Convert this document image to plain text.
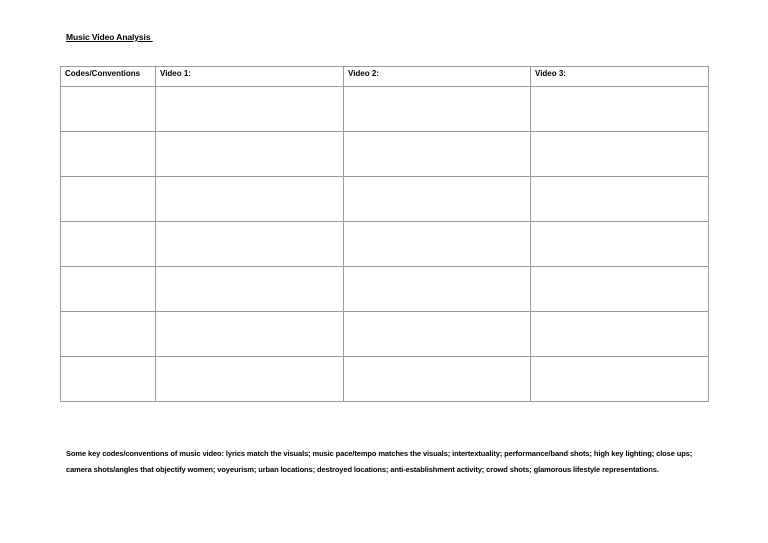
Music Video Analysis
Codes/Conventions	Video 1:	Video 2:	Video 3:

Some key codes/conventions of music video: lyrics match the visuals; music pace/tempo matches the visuals; intertextuality; performance/band shots; high key lighting; close ups; camera shots/angles that objectify women; voyeurism; urban locations; destroyed locations; anti-establishment activity; crowd shots; glamorous lifestyle representations.
